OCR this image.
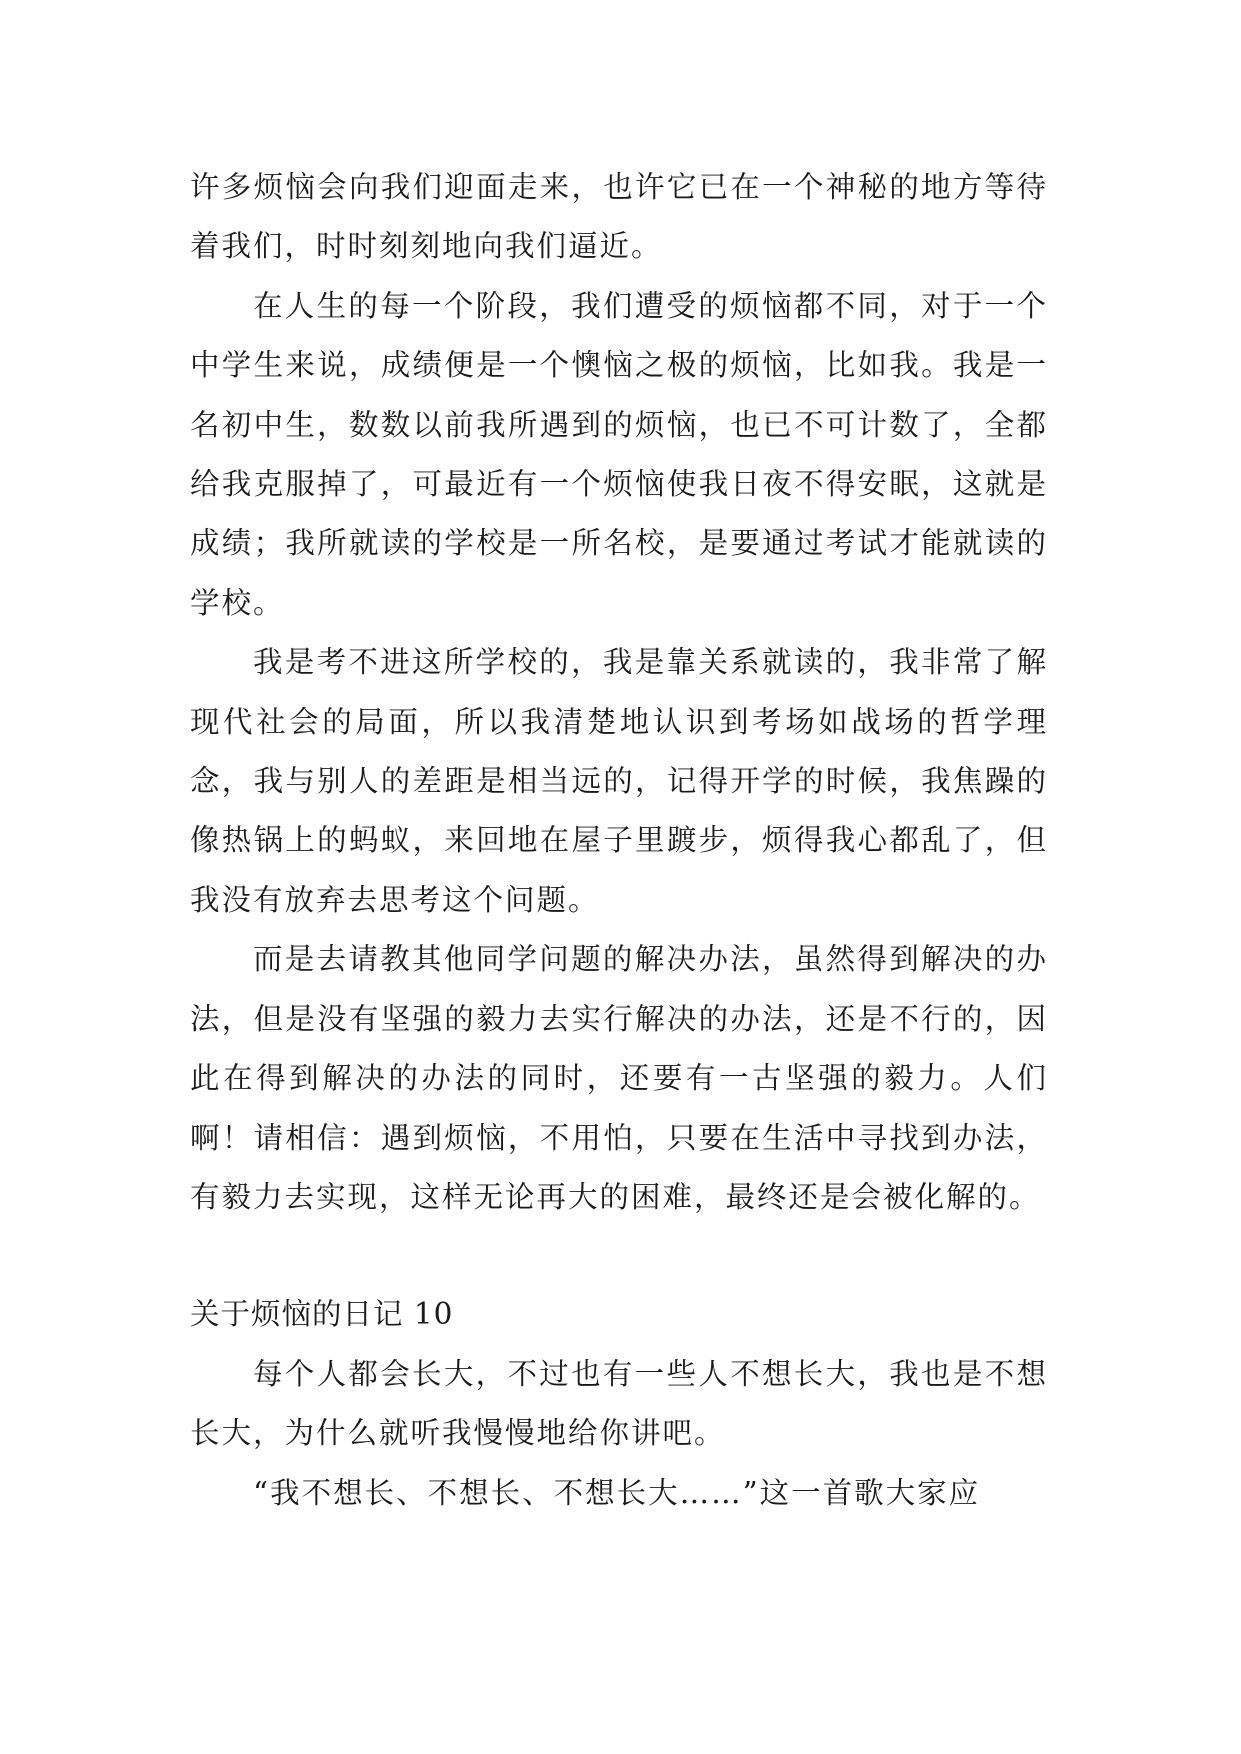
许多烦恼会向我们迎面走来，也许它已在一个神秘的地方等待着我们，时时刻刻地向我们逼近。

在人生的每一个阶段，我们遭受的烦恼都不同，对于一个中学生来说，成绩便是一个懊恼之极的烦恼，比如我。我是一名初中生，数数以前我所遇到的烦恼，也已不可计数了，全都给我克服掉了，可最近有一个烦恼使我日夜不得安眠，这就是成绩；我所就读的学校是一所名校，是要通过考试才能就读的学校。

我是考不进这所学校的，我是靠关系就读的，我非常了解现代社会的局面，所以我清楚地认识到考场如战场的哲学理念，我与别人的差距是相当远的，记得开学的时候，我焦躁的像热锅上的蚂蚁，来回地在屋子里踱步，烦得我心都乱了，但我没有放弃去思考这个问题。

而是去请教其他同学问题的解决办法，虽然得到解决的办法，但是没有坚强的毅力去实行解决的办法，还是不行的，因此在得到解决的办法的同时，还要有一古坚强的毅力。人们啊！请相信：遇到烦恼，不用怕，只要在生活中寻找到办法，有毅力去实现，这样无论再大的困难，最终还是会被化解的。

关于烦恼的日记 10

每个人都会长大，不过也有一些人不想长大，我也是不想长大，为什么就听我慢慢地给你讲吧。

“我不想长、不想长、不想长大……”这一首歌大家应
